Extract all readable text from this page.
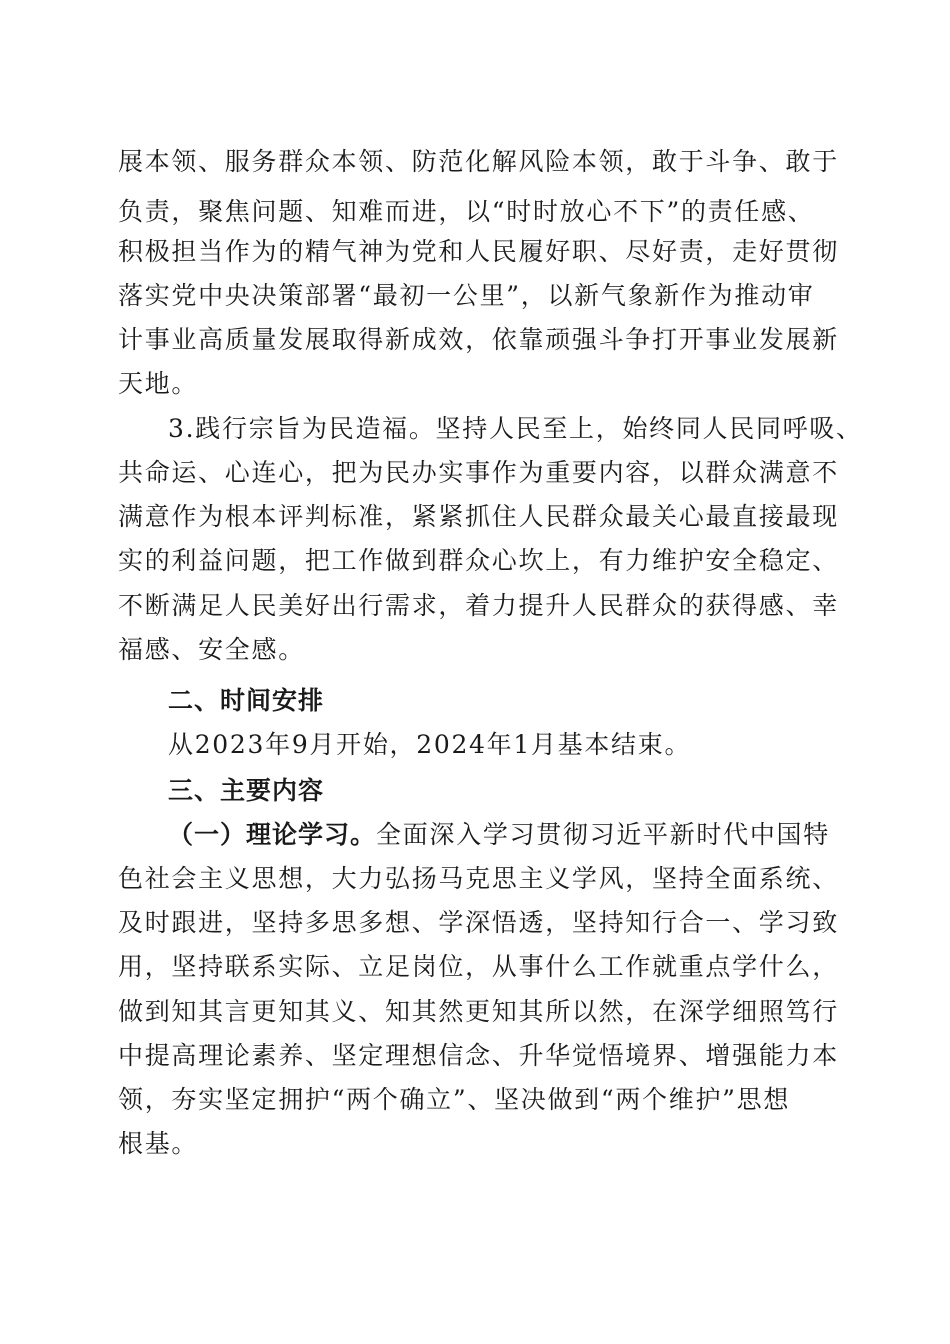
展本领、服务群众本领、防范化解风险本领，敢于斗争、敢于
负责，聚焦问题、知难而进，以“时时放心不下”的责任感、
积极担当作为的精气神为党和人民履好职、尽好责，走好贯彻
落实党中央决策部署“最初一公里”，以新气象新作为推动审
计事业高质量发展取得新成效，依靠顽强斗争打开事业发展新
天地。
3.践行宗旨为民造福。坚持人民至上，始终同人民同呼吸、
共命运、心连心，把为民办实事作为重要内容，以群众满意不
满意作为根本评判标准，紧紧抓住人民群众最关心最直接最现
实的利益问题，把工作做到群众心坎上，有力维护安全稳定、
不断满足人民美好出行需求，着力提升人民群众的获得感、幸
福感、安全感。
二、时间安排
从2023年9月开始，2024年1月基本结束。
三、主要内容
（一）理论学习。全面深入学习贯彻习近平新时代中国特
色社会主义思想，大力弘扬马克思主义学风，坚持全面系统、
及时跟进，坚持多思多想、学深悟透，坚持知行合一、学习致
用，坚持联系实际、立足岗位，从事什么工作就重点学什么，
做到知其言更知其义、知其然更知其所以然，在深学细照笃行
中提高理论素养、坚定理想信念、升华觉悟境界、增强能力本
领，夯实坚定拥护“两个确立”、坚决做到“两个维护”思想
根基。
